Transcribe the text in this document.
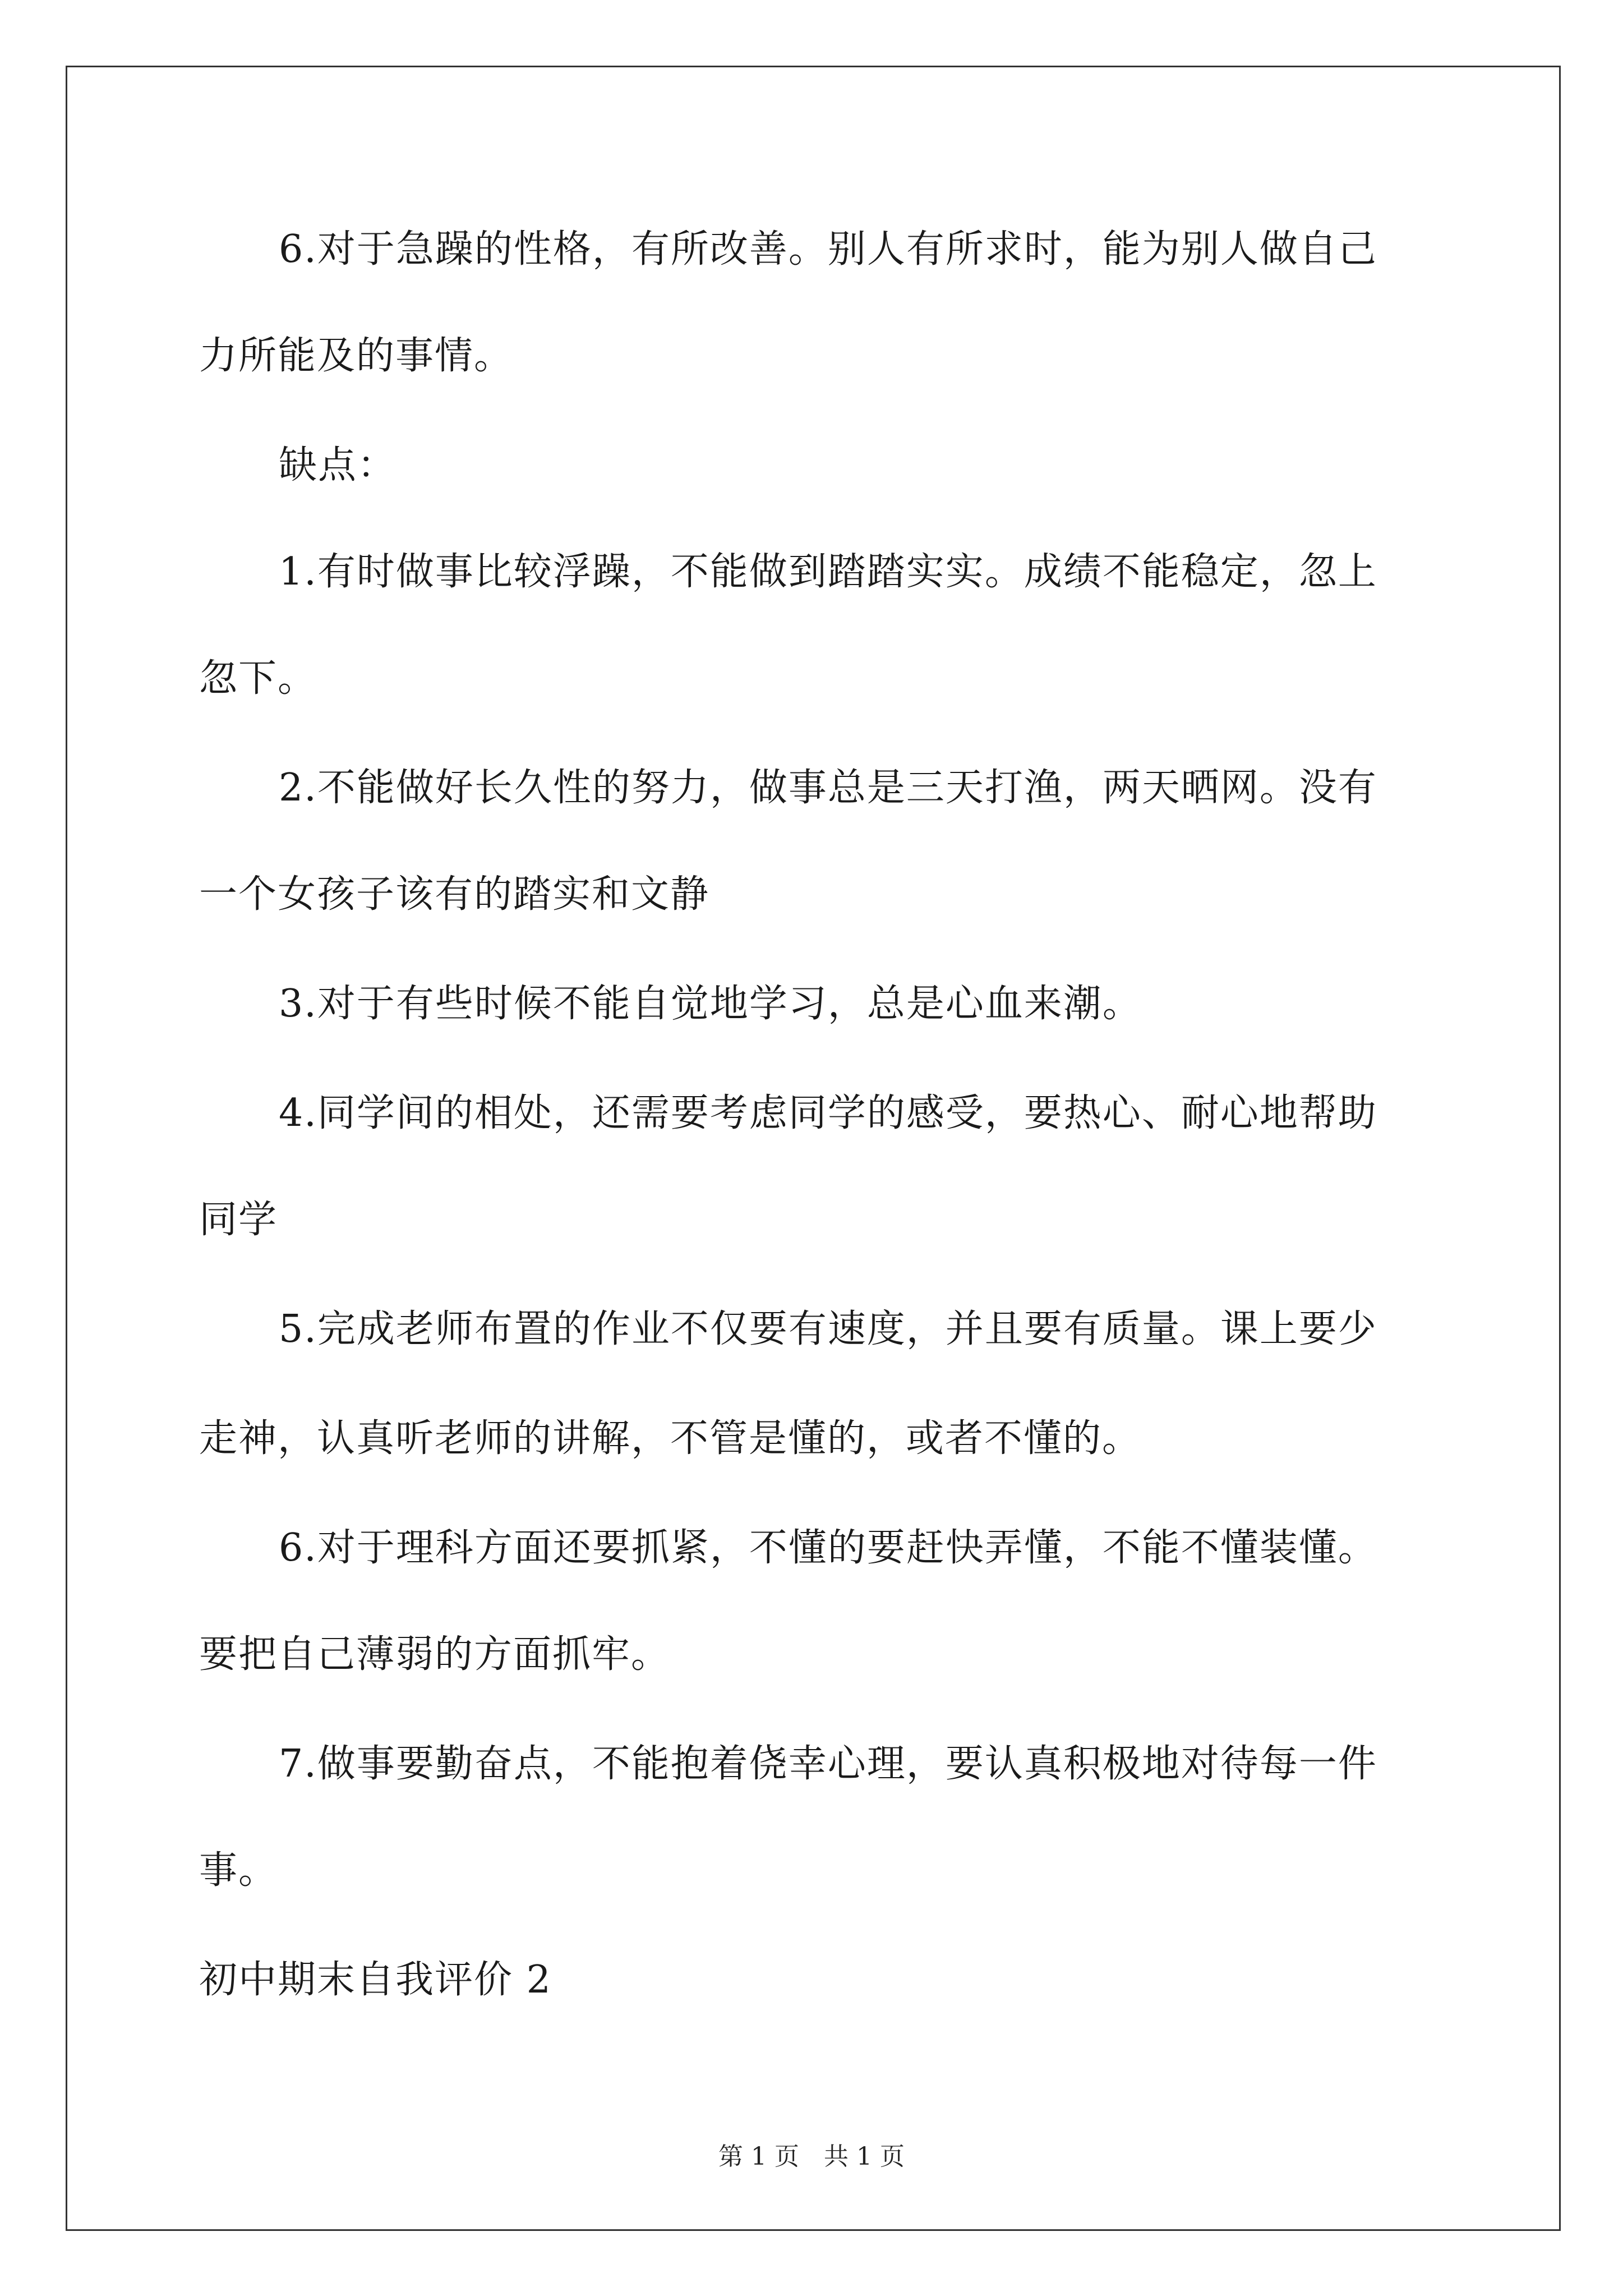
6.对于急躁的性格，有所改善。别人有所求时，能为别人做自己
力所能及的事情。
缺点：
1.有时做事比较浮躁，不能做到踏踏实实。成绩不能稳定，忽上
忽下。
2.不能做好长久性的努力，做事总是三天打渔，两天晒网。没有
一个女孩子该有的踏实和文静
3.对于有些时候不能自觉地学习，总是心血来潮。
4.同学间的相处，还需要考虑同学的感受，要热心、耐心地帮助
同学
5.完成老师布置的作业不仅要有速度，并且要有质量。课上要少
走神，认真听老师的讲解，不管是懂的，或者不懂的。
6.对于理科方面还要抓紧，不懂的要赶快弄懂，不能不懂装懂。
要把自己薄弱的方面抓牢。
7.做事要勤奋点，不能抱着侥幸心理，要认真积极地对待每一件
事。
初中期末自我评价 2
第 1 页　共 1 页
